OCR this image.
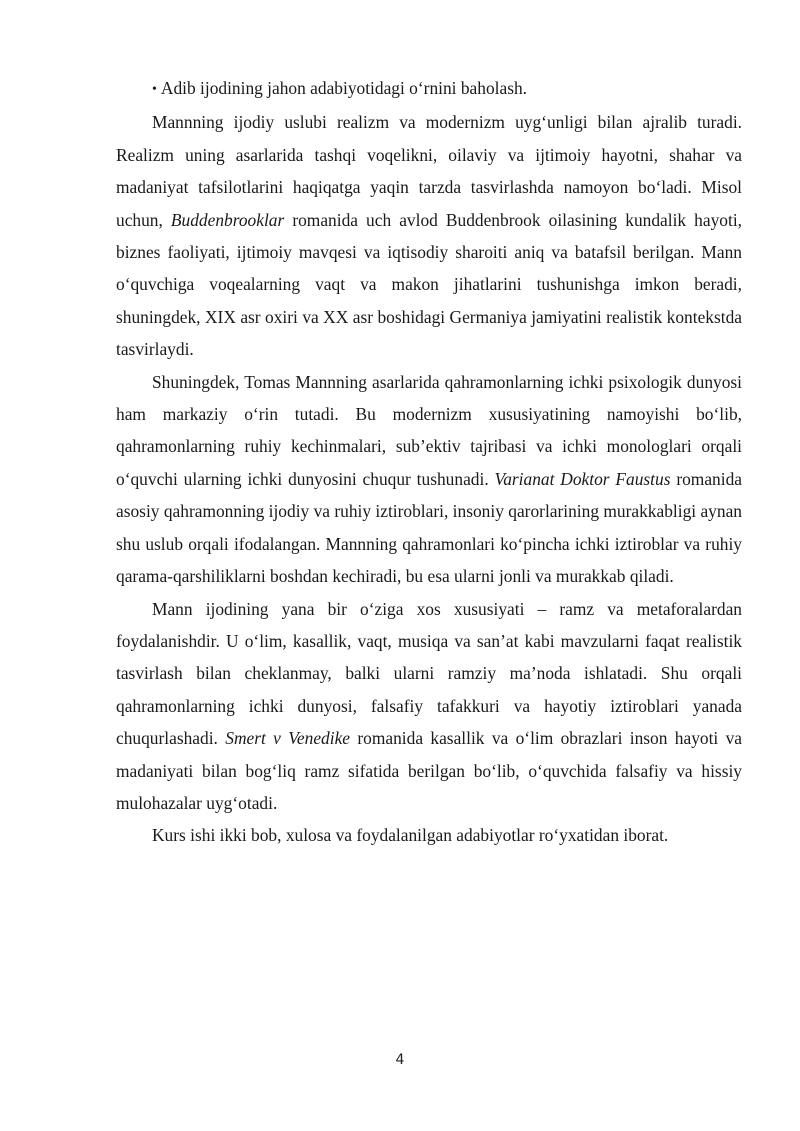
• Adib ijodining jahon adabiyotidagi o‘rnini baholash.

Mannning ijodiy uslubi realizm va modernizm uyg‘unligi bilan ajralib turadi. Realizm uning asarlarida tashqi voqelikni, oilaviy va ijtimoiy hayotni, shahar va madaniyat tafsilotlarini haqiqatga yaqin tarzda tasvirlashda namoyon bo‘ladi. Misol uchun, Buddenbrooklar romanida uch avlod Buddenbrook oilasining kundalik hayoti, biznes faoliyati, ijtimoiy mavqesi va iqtisodiy sharoiti aniq va batafsil berilgan. Mann o‘quvchiga voqealarning vaqt va makon jihatlarini tushunishga imkon beradi, shuningdek, XIX asr oxiri va XX asr boshidagi Germaniya jamiyatini realistik kontekstda tasvirlaydi.

Shuningdek, Tomas Mannning asarlarida qahramonlarning ichki psixologik dunyosi ham markaziy o‘rin tutadi. Bu modernizm xususiyatining namoyishi bo‘lib, qahramonlarning ruhiy kechinmalari, sub’ektiv tajribasi va ichki monologlari orqali o‘quvchi ularning ichki dunyosini chuqur tushunadi. Varianat Doktor Faustus romanida asosiy qahramonning ijodiy va ruhiy iztiroblari, insoniy qarorlarining murakkabligi aynan shu uslub orqali ifodalangan. Mannning qahramonlari ko‘pincha ichki iztiroblar va ruhiy qarama-qarshiliklarni boshdan kechiradi, bu esa ularni jonli va murakkab qiladi.

Mann ijodining yana bir o‘ziga xos xususiyati – ramz va metaforalardan foydalanishdir. U o‘lim, kasallik, vaqt, musiqa va san’at kabi mavzularni faqat realistik tasvirlash bilan cheklanmay, balki ularni ramziy ma’noda ishlatadi. Shu orqali qahramonlarning ichki dunyosi, falsafiy tafakkuri va hayotiy iztiroblari yanada chuqurlashadi. Smert v Venedike romanida kasallik va o‘lim obrazlari inson hayoti va madaniyati bilan bog‘liq ramz sifatida berilgan bo‘lib, o‘quvchida falsafiy va hissiy mulohazalar uyg‘otadi.

Kurs ishi ikki bob, xulosa va foydalanilgan adabiyotlar ro‘yxatidan iborat.

4
